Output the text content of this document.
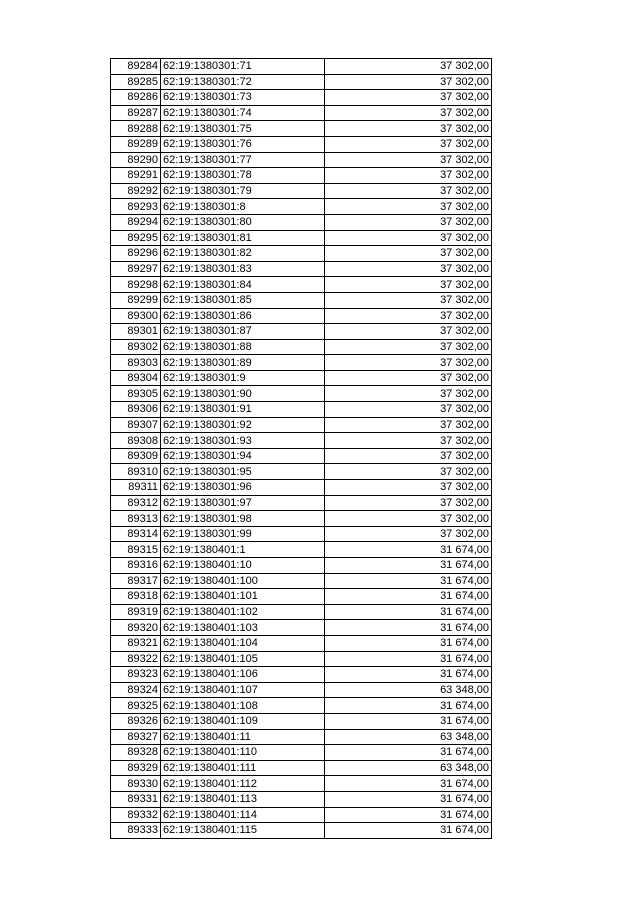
89284	62:19:1380301:71	37 302,00
89285	62:19:1380301:72	37 302,00
89286	62:19:1380301:73	37 302,00
89287	62:19:1380301:74	37 302,00
89288	62:19:1380301:75	37 302,00
89289	62:19:1380301:76	37 302,00
89290	62:19:1380301:77	37 302,00
89291	62:19:1380301:78	37 302,00
89292	62:19:1380301:79	37 302,00
89293	62:19:1380301:8	37 302,00
89294	62:19:1380301:80	37 302,00
89295	62:19:1380301:81	37 302,00
89296	62:19:1380301:82	37 302,00
89297	62:19:1380301:83	37 302,00
89298	62:19:1380301:84	37 302,00
89299	62:19:1380301:85	37 302,00
89300	62:19:1380301:86	37 302,00
89301	62:19:1380301:87	37 302,00
89302	62:19:1380301:88	37 302,00
89303	62:19:1380301:89	37 302,00
89304	62:19:1380301:9	37 302,00
89305	62:19:1380301:90	37 302,00
89306	62:19:1380301:91	37 302,00
89307	62:19:1380301:92	37 302,00
89308	62:19:1380301:93	37 302,00
89309	62:19:1380301:94	37 302,00
89310	62:19:1380301:95	37 302,00
89311	62:19:1380301:96	37 302,00
89312	62:19:1380301:97	37 302,00
89313	62:19:1380301:98	37 302,00
89314	62:19:1380301:99	37 302,00
89315	62:19:1380401:1	31 674,00
89316	62:19:1380401:10	31 674,00
89317	62:19:1380401:100	31 674,00
89318	62:19:1380401:101	31 674,00
89319	62:19:1380401:102	31 674,00
89320	62:19:1380401:103	31 674,00
89321	62:19:1380401:104	31 674,00
89322	62:19:1380401:105	31 674,00
89323	62:19:1380401:106	31 674,00
89324	62:19:1380401:107	63 348,00
89325	62:19:1380401:108	31 674,00
89326	62:19:1380401:109	31 674,00
89327	62:19:1380401:11	63 348,00
89328	62:19:1380401:110	31 674,00
89329	62:19:1380401:111	63 348,00
89330	62:19:1380401:112	31 674,00
89331	62:19:1380401:113	31 674,00
89332	62:19:1380401:114	31 674,00
89333	62:19:1380401:115	31 674,00
